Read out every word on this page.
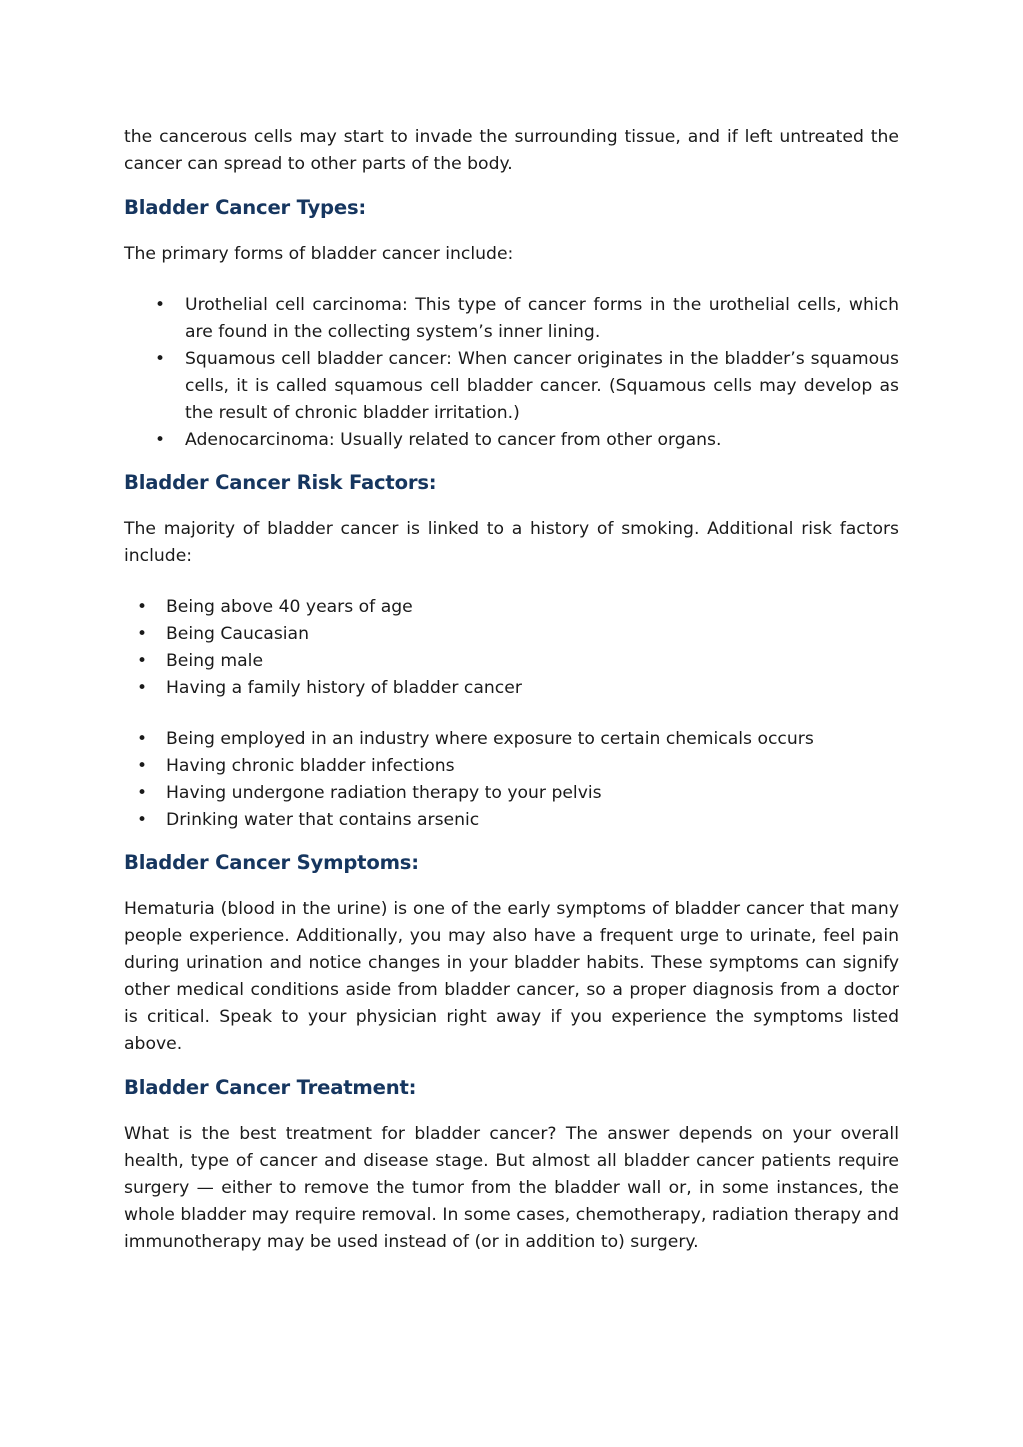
the cancerous cells may start to invade the surrounding tissue, and if left untreated the cancer can spread to other parts of the body.

Bladder Cancer Types:

The primary forms of bladder cancer include:

• Urothelial cell carcinoma: This type of cancer forms in the urothelial cells, which are found in the collecting system’s inner lining.
• Squamous cell bladder cancer: When cancer originates in the bladder’s squamous cells, it is called squamous cell bladder cancer. (Squamous cells may develop as the result of chronic bladder irritation.)
• Adenocarcinoma: Usually related to cancer from other organs.
Bladder Cancer Risk Factors:

The majority of bladder cancer is linked to a history of smoking. Additional risk factors include:

• Being above 40 years of age
• Being Caucasian
• Being male
• Having a family history of bladder cancer
• Being employed in an industry where exposure to certain chemicals occurs
• Having chronic bladder infections
• Having undergone radiation therapy to your pelvis
• Drinking water that contains arsenic
Bladder Cancer Symptoms:

Hematuria (blood in the urine) is one of the early symptoms of bladder cancer that many people experience. Additionally, you may also have a frequent urge to urinate, feel pain during urination and notice changes in your bladder habits. These symptoms can signify other medical conditions aside from bladder cancer, so a proper diagnosis from a doctor is critical. Speak to your physician right away if you experience the symptoms listed above.

Bladder Cancer Treatment:

What is the best treatment for bladder cancer? The answer depends on your overall health, type of cancer and disease stage. But almost all bladder cancer patients require surgery — either to remove the tumor from the bladder wall or, in some instances, the whole bladder may require removal. In some cases, chemotherapy, radiation therapy and immunotherapy may be used instead of (or in addition to) surgery.
